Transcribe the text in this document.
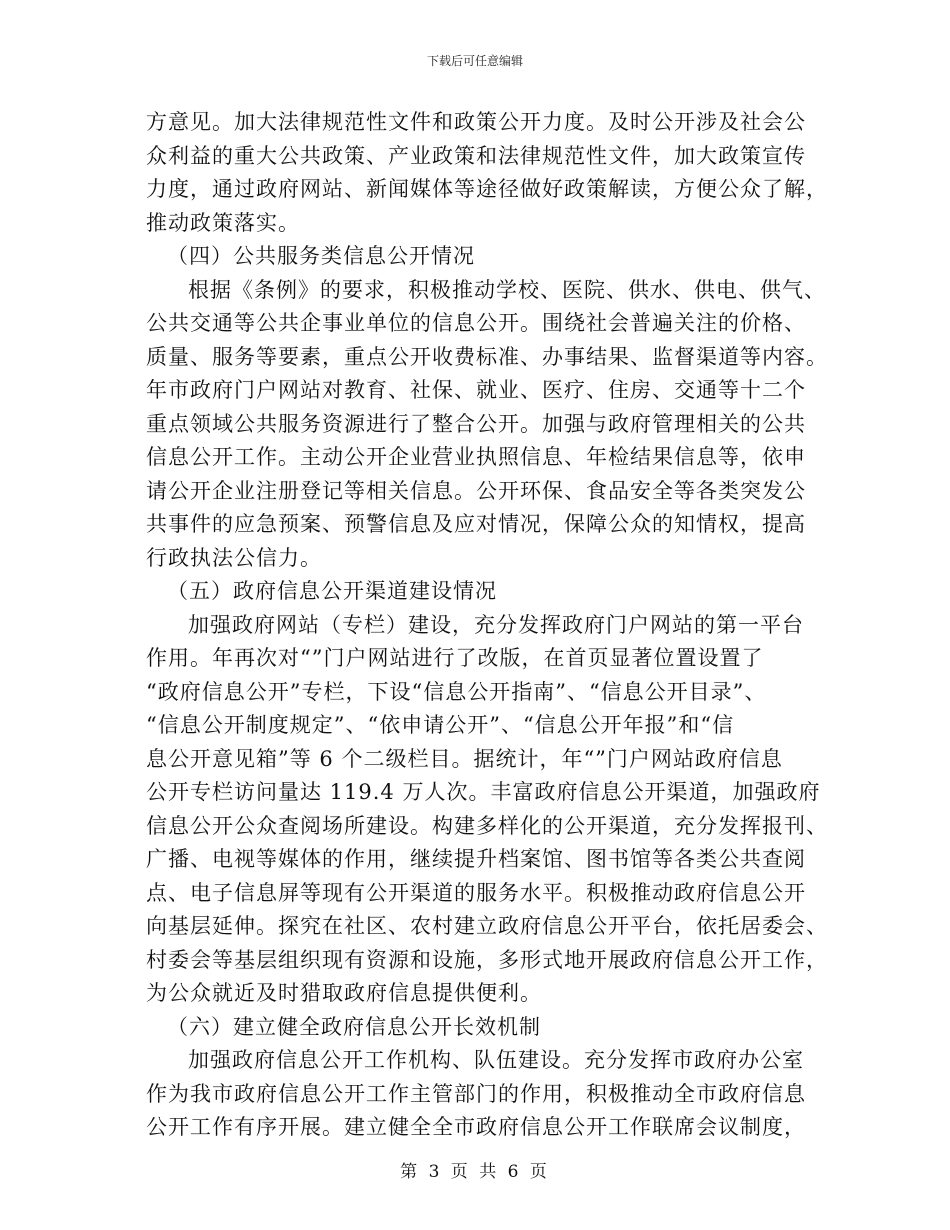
下载后可任意编辑
方意见。加大法律规范性文件和政策公开力度。及时公开涉及社会公
众利益的重大公共政策、产业政策和法律规范性文件，加大政策宣传
力度，通过政府网站、新闻媒体等途径做好政策解读，方便公众了解，
推动政策落实。
（四）公共服务类信息公开情况
根据《条例》的要求，积极推动学校、医院、供水、供电、供气、
公共交通等公共企事业单位的信息公开。围绕社会普遍关注的价格、
质量、服务等要素，重点公开收费标准、办事结果、监督渠道等内容。
年市政府门户网站对教育、社保、就业、医疗、住房、交通等十二个
重点领域公共服务资源进行了整合公开。加强与政府管理相关的公共
信息公开工作。主动公开企业营业执照信息、年检结果信息等，依申
请公开企业注册登记等相关信息。公开环保、食品安全等各类突发公
共事件的应急预案、预警信息及应对情况，保障公众的知情权，提高
行政执法公信力。
（五）政府信息公开渠道建设情况
加强政府网站（专栏）建设，充分发挥政府门户网站的第一平台
作用。年再次对“”门户网站进行了改版，在首页显著位置设置了
“政府信息公开”专栏，下设“信息公开指南”、“信息公开目录”、
“信息公开制度规定”、“依申请公开”、“信息公开年报”和“信
息公开意见箱”等 6 个二级栏目。据统计，年“”门户网站政府信息
公开专栏访问量达 119.4 万人次。丰富政府信息公开渠道，加强政府
信息公开公众查阅场所建设。构建多样化的公开渠道，充分发挥报刊、
广播、电视等媒体的作用，继续提升档案馆、图书馆等各类公共查阅
点、电子信息屏等现有公开渠道的服务水平。积极推动政府信息公开
向基层延伸。探究在社区、农村建立政府信息公开平台，依托居委会、
村委会等基层组织现有资源和设施，多形式地开展政府信息公开工作，
为公众就近及时猎取政府信息提供便利。
（六）建立健全政府信息公开长效机制
加强政府信息公开工作机构、队伍建设。充分发挥市政府办公室
作为我市政府信息公开工作主管部门的作用，积极推动全市政府信息
公开工作有序开展。建立健全全市政府信息公开工作联席会议制度，
第 3 页 共 6 页
